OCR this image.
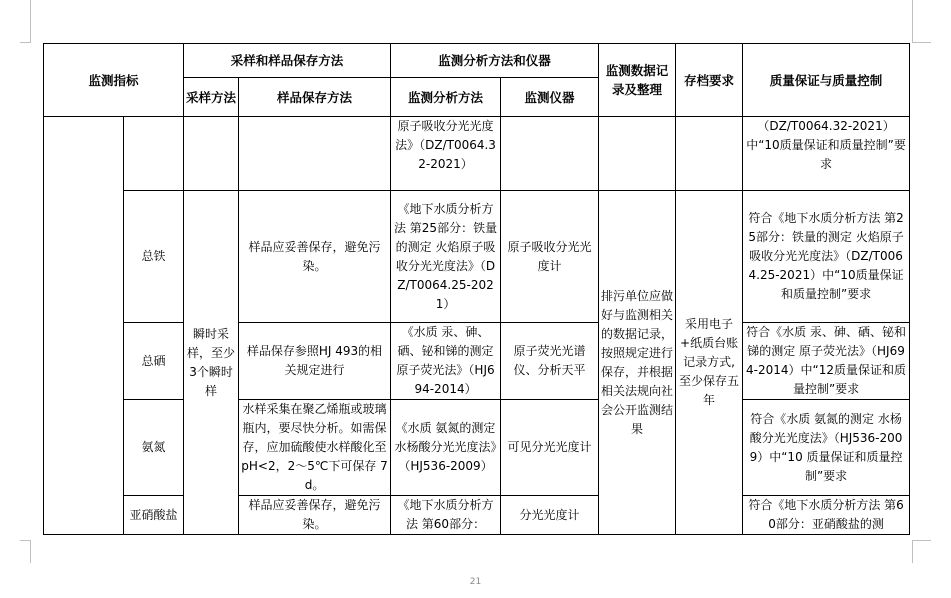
监测指标		采样和样品保存方法		监测分析方法和仪器		监测数据记录及整理	存档要求	质量保证与质量控制
		采样方法	样品保存方法	监测分析方法	监测仪器			
				原子吸收分光光度法》（DZ/T0064.32-2021）				（DZ/T0064.32-2021）中“10质量保证和质量控制”要求
	总铁	瞬时采样，至少3个瞬时样	样品应妥善保存，避免污染。	《地下水质分析方法 第25部分：铁量的测定 火焰原子吸收分光光度法》（DZ/T0064.25-2021）	原子吸收分光光度计	排污单位应做好与监测相关的数据记录，按照规定进行保存，并根据相关法规向社会公开监测结果	采用电子+纸质台账记录方式,至少保存五年	符合《地下水质分析方法 第25部分：铁量的测定 火焰原子吸收分光光度法》（DZ/T0064.25-2021）中“10质量保证和质量控制”要求
	总硒		样品保存参照HJ 493的相关规定进行	《水质 汞、砷、硒、铋和锑的测定 原子荧光法》（HJ694-2014）	原子荧光光谱仪、分析天平			符合《水质 汞、砷、硒、铋和锑的测定 原子荧光法》（HJ694-2014）中“12质量保证和质量控制”要求
	氨氮		水样采集在聚乙烯瓶或玻璃瓶内，要尽快分析。如需保存，应加硫酸使水样酸化至 pH<2，2～5℃下可保存 7 d。	《水质 氨氮的测定 水杨酸分光光度法》（HJ536-2009）	可见分光光度计			符合《水质 氨氮的测定 水杨酸分光光度法》（HJ536-2009）中“10 质量保证和质量控制”要求
	亚硝酸盐		样品应妥善保存，避免污染。	《地下水质分析方法 第60部分：	分光光度计			符合《地下水质分析方法 第60部分：亚硝酸盐的测
21
